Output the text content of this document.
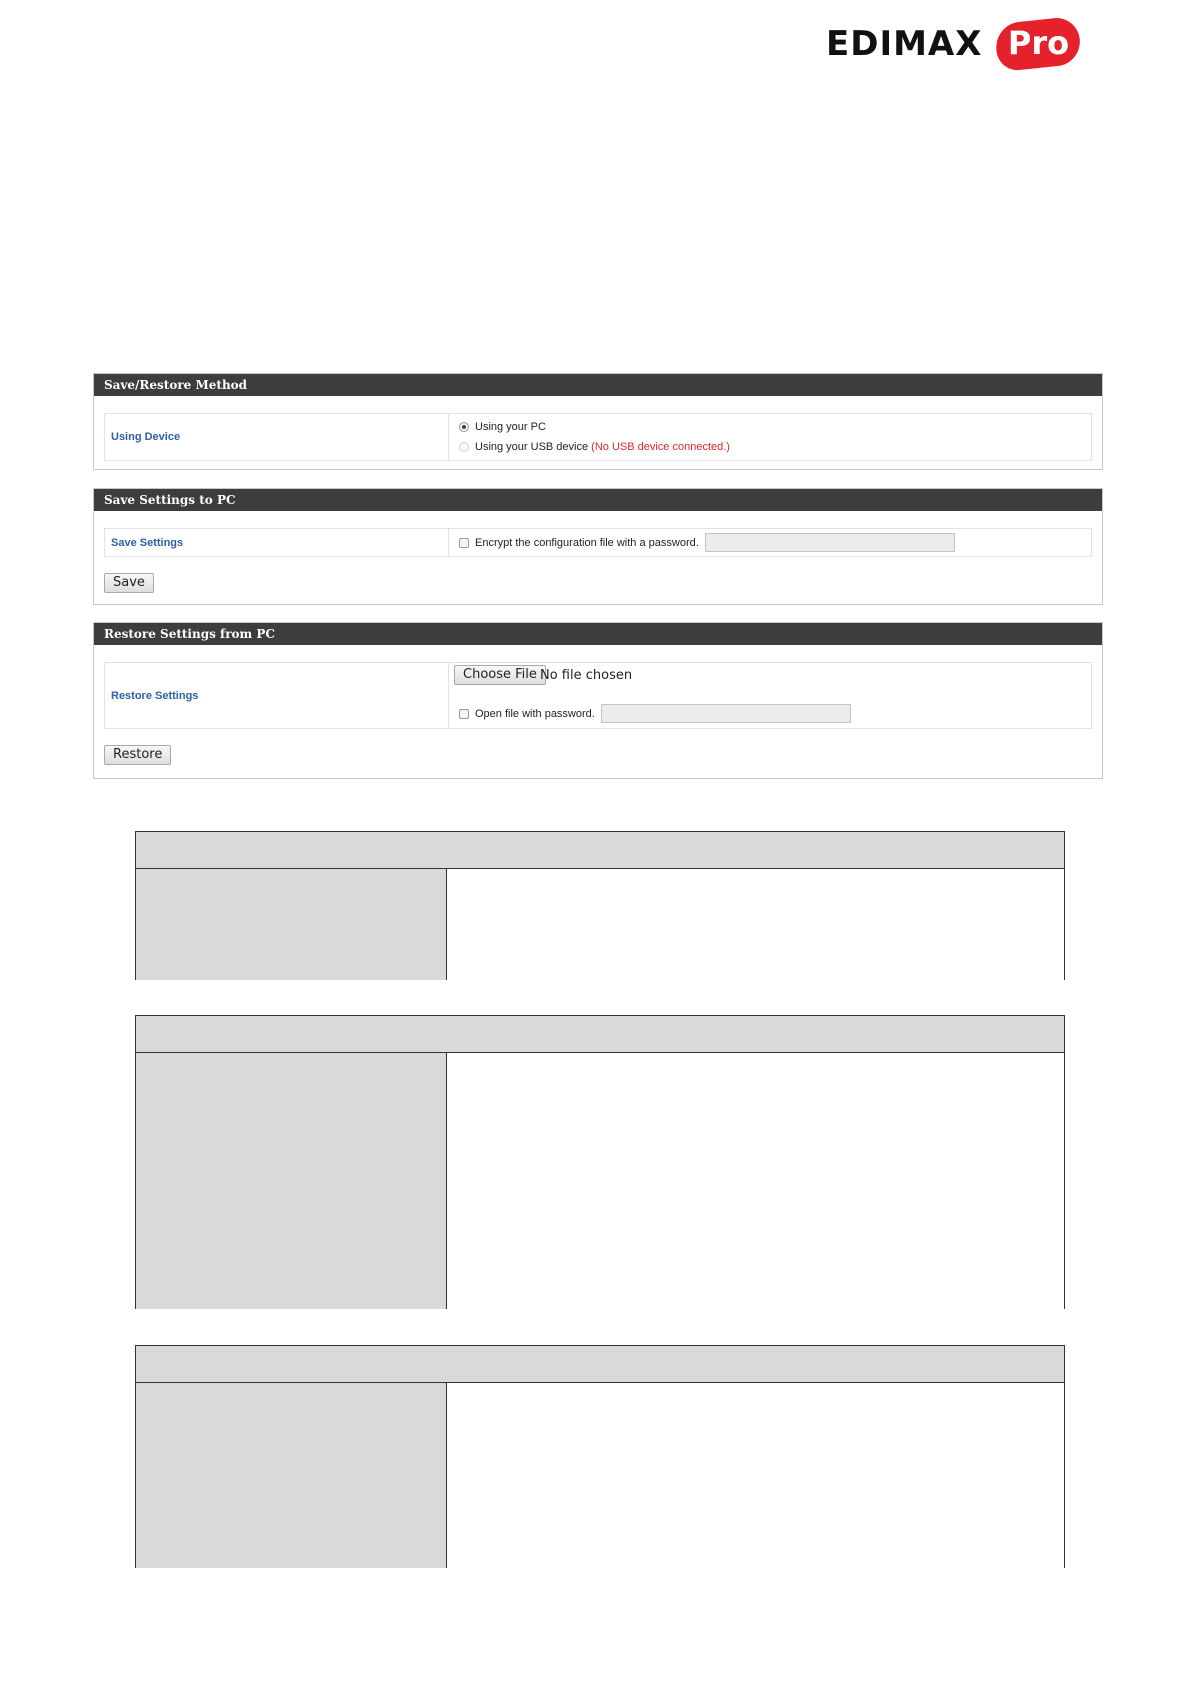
EDIMAX Pro
Save/Restore Method
Using Device
Using your PC
Using your USB device (No USB device connected.)
Save Settings to PC
Save Settings	Encrypt the configuration file with a password.
Save
Restore Settings from PC
Restore Settings
Choose File No file chosen
Open file with password.
Restore
